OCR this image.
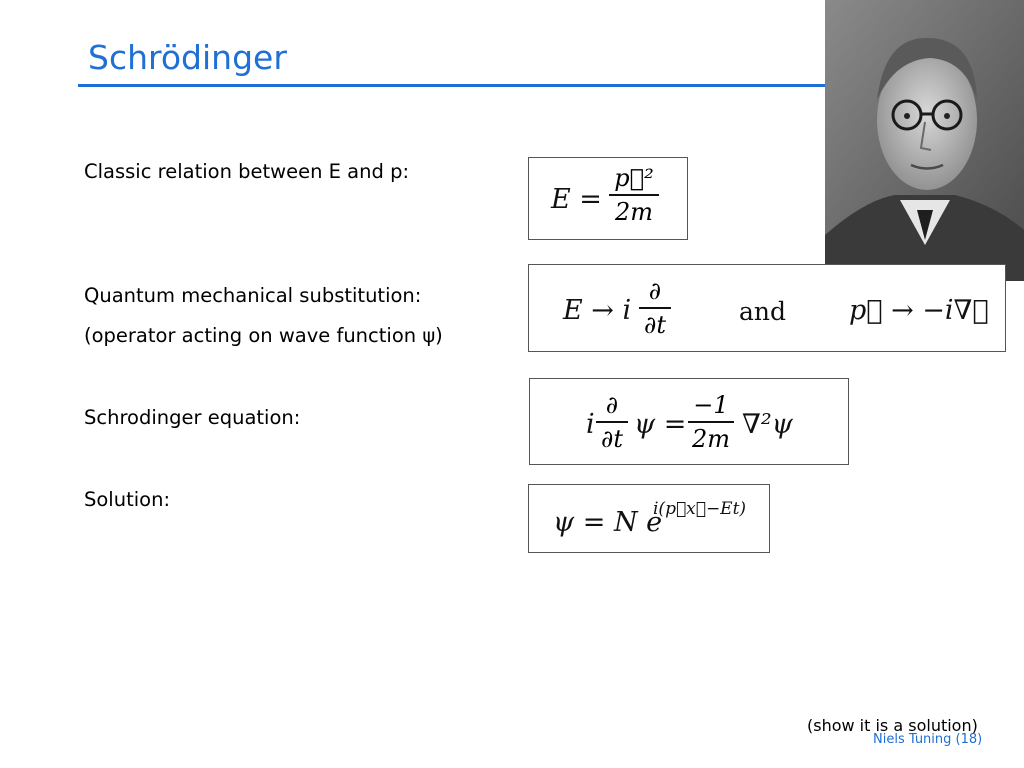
Schrödinger
Classic relation between E and p:
Quantum mechanical substitution:
(operator acting on wave function ψ)
Schrodinger equation:
Solution:
E =
p⃗²
2m
E → i
∂
∂t	and p⃗ → −i∇⃗
i
∂
∂t ψ =
−1
2m ∇²ψ
ψ = N e
i(p⃗x⃗−Et)
(show it is a solution)
Niels Tuning (18)
